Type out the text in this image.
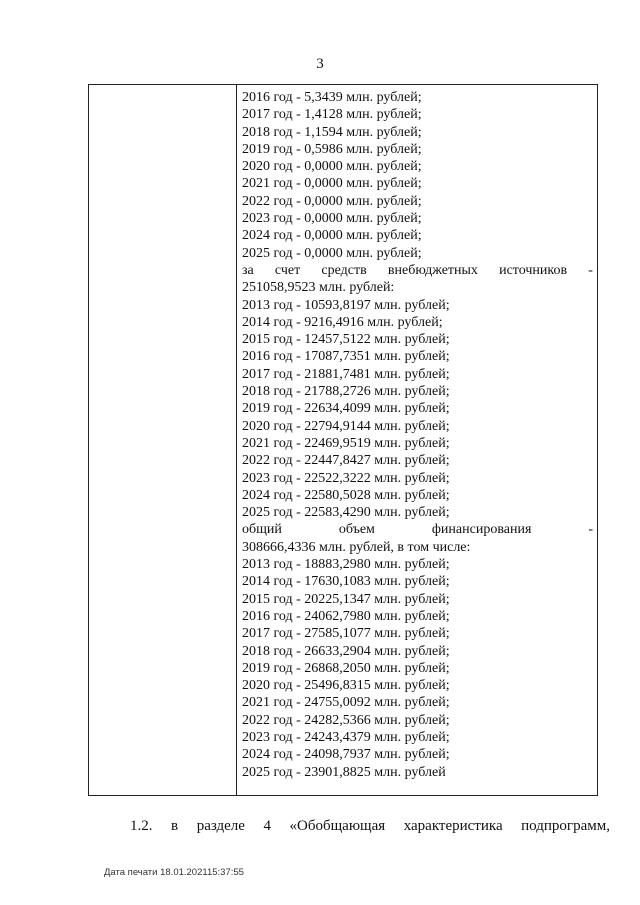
3
2016 год - 5,3439 млн. рублей;
2017 год - 1,4128 млн. рублей;
2018 год - 1,1594 млн. рублей;
2019 год - 0,5986 млн. рублей;
2020 год - 0,0000 млн. рублей;
2021 год - 0,0000 млн. рублей;
2022 год - 0,0000 млн. рублей;
2023 год - 0,0000 млн. рублей;
2024 год - 0,0000 млн. рублей;
2025 год - 0,0000 млн. рублей;
за счет средств внебюджетных источников -
251058,9523 млн. рублей:
2013 год - 10593,8197 млн. рублей;
2014 год - 9216,4916 млн. рублей;
2015 год - 12457,5122 млн. рублей;
2016 год - 17087,7351 млн. рублей;
2017 год - 21881,7481 млн. рублей;
2018 год - 21788,2726 млн. рублей;
2019 год - 22634,4099 млн. рублей;
2020 год - 22794,9144 млн. рублей;
2021 год - 22469,9519 млн. рублей;
2022 год - 22447,8427 млн. рублей;
2023 год - 22522,3222 млн. рублей;
2024 год - 22580,5028 млн. рублей;
2025 год - 22583,4290 млн. рублей;
общий	объем	финансирования	-
308666,4336 млн. рублей, в том числе:
2013 год - 18883,2980 млн. рублей;
2014 год - 17630,1083 млн. рублей;
2015 год - 20225,1347 млн. рублей;
2016 год - 24062,7980 млн. рублей;
2017 год - 27585,1077 млн. рублей;
2018 год - 26633,2904 млн. рублей;
2019 год - 26868,2050 млн. рублей;
2020 год - 25496,8315 млн. рублей;
2021 год - 24755,0092 млн. рублей;
2022 год - 24282,5366 млн. рублей;
2023 год - 24243,4379 млн. рублей;
2024 год - 24098,7937 млн. рублей;
2025 год - 23901,8825 млн. рублей
1.2. в разделе 4 «Обобщающая характеристика подпрограмм,
Дата печати 18.01.202115:37:55
